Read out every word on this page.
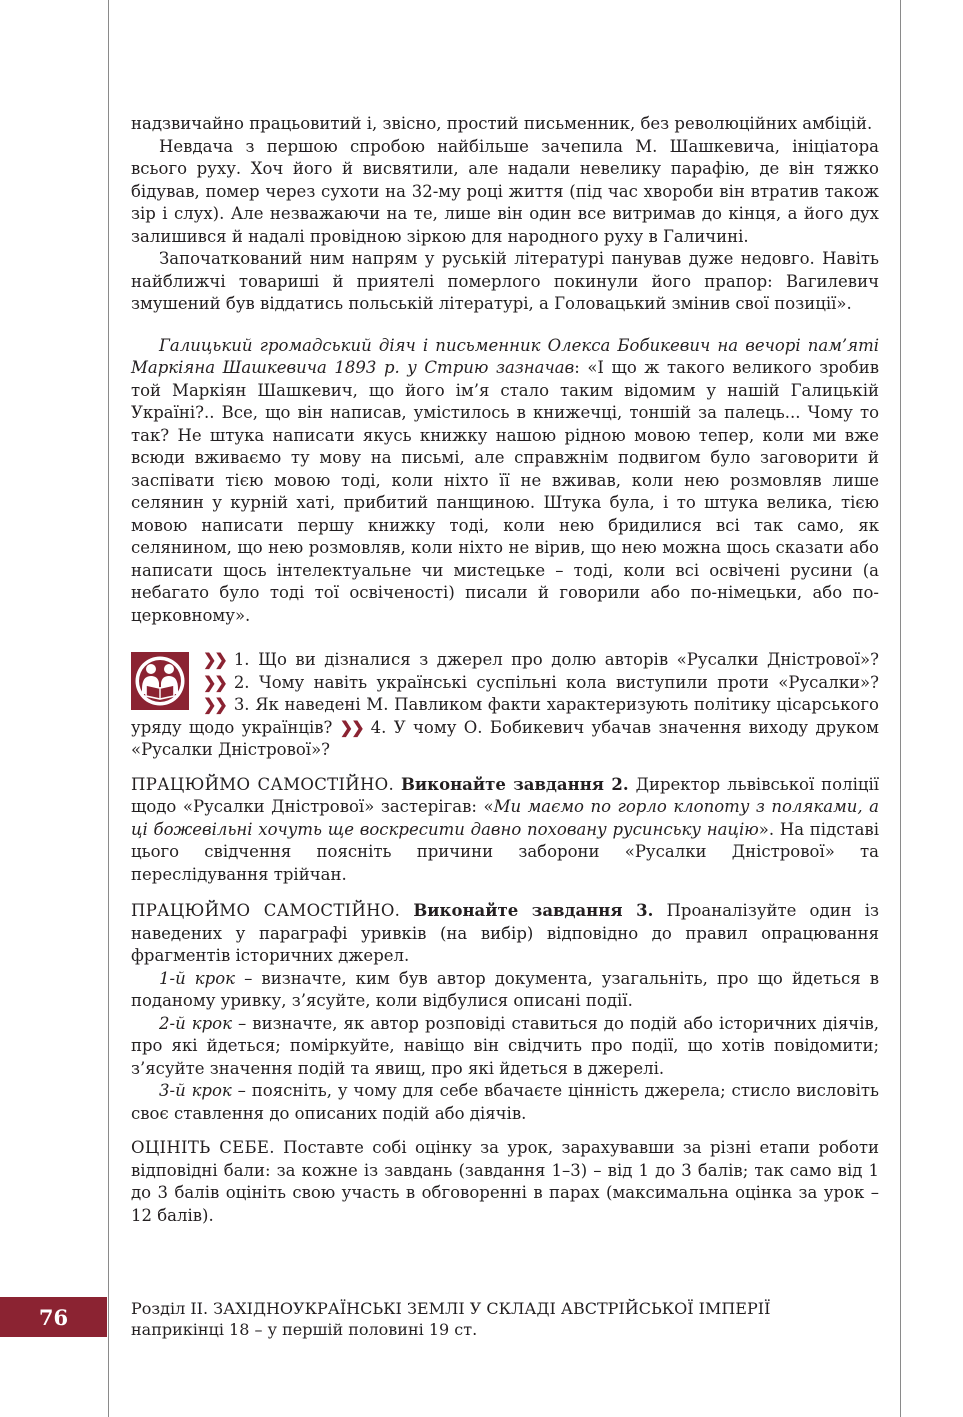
надзвичайно працьовитий і, звісно, простий письменник, без революційних амбіцій.

Невдача з першою спробою найбільше зачепила М. Шашкевича, ініціатора всього руху. Хоч його й висвятили, але надали невелику парафію, де він тяжко бідував, помер через сухоти на 32-му році життя (під час хвороби він втратив також зір і слух). Але незважаючи на те, лише він один все витримав до кінця, а його дух залишився й надалі провідною зіркою для народного руху в Галичині.

Започаткований ним напрям у руській літературі панував дуже недовго. Навіть найближчі товариші й приятелі померлого покинули його прапор: Вагилевич змушений був віддатись польській літературі, а Головацький змінив свої позиції».

Галицький громадський діяч і письменник Олекса Бобикевич на вечорі пам’яті Маркіяна Шашкевича 1893 р. у Стрию зазначав: «І що ж такого великого зробив той Маркіян Шашкевич, що його ім’я стало таким відомим у нашій Галицькій Україні?.. Все, що він написав, умістилось в книжечці, тоншій за палець... Чому то так? Не штука написати якусь книжку нашою рідною мовою тепер, коли ми вже всюди вживаємо ту мову на письмі, але справжнім подвигом було заговорити й заспівати тією мовою тоді, коли ніхто її не вживав, коли нею розмовляв лише селянин у курній хаті, прибитий панщиною. Штука була, і то штука велика, тією мовою написати першу книжку тоді, коли нею бридилися всі так само, як селянином, що нею розмовляв, коли ніхто не вірив, що нею можна щось сказати або написати щось інтелектуальне чи мистецьке – тоді, коли всі освічені русини (а небагато було тоді тої освіченості) писали й говорили або по-німецьки, або по-церковному».

❯❯ 1. Що ви дізналися з джерел про долю авторів «Русалки Дністрової»? ❯❯ 2. Чому навіть українські суспільні кола виступили проти «Русалки»? ❯❯ 3. Як наведені М. Павликом факти характеризують політику цісарського уряду щодо українців? ❯❯ 4. У чому О. Бобикевич убачав значення виходу друком «Русалки Дністрової»?

ПРАЦЮЙМО САМОСТІЙНО. Виконайте завдання 2. Директор львівської поліції щодо «Русалки Дністрової» застерігав: «Ми маємо по горло клопоту з поляками, а ці божевільні хочуть ще воскресити давно поховану русинську націю». На підставі цього свідчення поясніть причини заборони «Русалки Дністрової» та переслідування трійчан.

ПРАЦЮЙМО САМОСТІЙНО. Виконайте завдання 3. Проаналізуйте один із наведених у параграфі уривків (на вибір) відповідно до правил опрацювання фрагментів історичних джерел.

1-й крок – визначте, ким був автор документа, узагальніть, про що йдеться в поданому уривку, з’ясуйте, коли відбулися описані події.

2-й крок – визначте, як автор розповіді ставиться до подій або історичних діячів, про які йдеться; поміркуйте, навіщо він свідчить про події, що хотів повідомити; з’ясуйте значення подій та явищ, про які йдеться в джерелі.

3-й крок – поясніть, у чому для себе вбачаєте цінність джерела; стисло висловіть своє ставлення до описаних подій або діячів.

ОЦІНІТЬ СЕБЕ. Поставте собі оцінку за урок, зарахувавши за різні етапи роботи відповідні бали: за кожне із завдань (завдання 1–3) – від 1 до 3 балів; так само від 1 до 3 балів оцініть свою участь в обговоренні в парах (максимальна оцінка за урок – 12 балів).

76	Розділ ІІ. ЗАХІДНОУКРАЇНСЬКІ ЗЕМЛІ У СКЛАДІ АВСТРІЙСЬКОЇ ІМПЕРІЇ
наприкінці 18 – у першій половині 19 ст.
